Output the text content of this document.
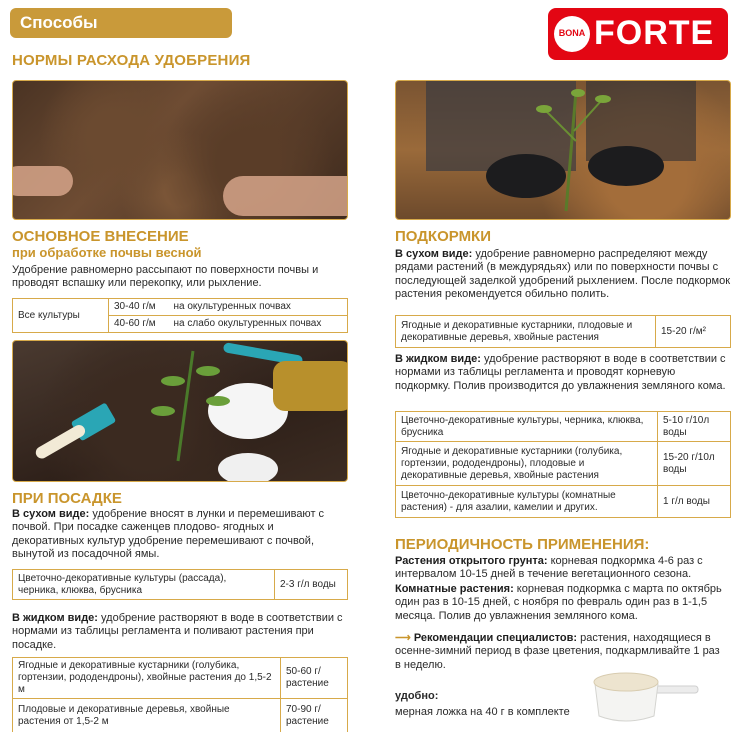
Способы использования
НОРМЫ РАСХОДА УДОБРЕНИЯ
BONA FORTE
ОСНОВНОЕ ВНЕСЕНИЕ
при обработке почвы весной
Удобрение равномерно рассыпают по поверхности почвы и проводят вспашку или перекопку, или рыхление.
Все культуры	30-40 г/м	на окультуренных почвах
	40-60 г/м	на слабо окультуренных почвах
ПРИ ПОСАДКЕ
В сухом виде: удобрение вносят в лунки и перемешивают с почвой. При посадке саженцев плодово- ягодных и декоративных культур удобрение перемешивают с почвой, вынутой из посадочной ямы.
Цветочно-декоративные культуры (рассада), черника, клюква, брусника	2-3 г/л воды
В жидком виде: удобрение растворяют в воде в соответствии с нормами из таблицы регламента и поливают растения при посадке.
Ягодные и декоративные кустарники (голубика, гортензии, рододендроны), хвойные растения до 1,5-2 м	50-60 г/растение
Плодовые и декоративные деревья, хвойные растения от 1,5-2 м	70-90 г/растение
ПОДКОРМКИ
В сухом виде: удобрение равномерно распределяют между рядами растений (в междурядьях) или по поверхности почвы с последующей заделкой удобрений рыхлением. После подкормок растения рекомендуется обильно полить.
Ягодные и декоративные кустарники, плодовые и декоративные деревья, хвойные растения	15-20 г/м²
В жидком виде: удобрение растворяют в воде в соответствии с нормами из таблицы регламента и проводят корневую подкормку. Полив производится до увлажнения земляного кома.
Цветочно-декоративные культуры, черника, клюква, брусника	5-10 г/10л воды
Ягодные и декоративные кустарники (голубика, гортензии, рододендроны), плодовые и декоративные деревья, хвойные растения	15-20 г/10л воды
Цветочно-декоративные культуры (комнатные растения) - для азалии, камелии и других.	1 г/л воды
ПЕРИОДИЧНОСТЬ ПРИМЕНЕНИЯ:
Растения открытого грунта: корневая подкормка 4-6 раз с интервалом 10-15 дней в течение вегетационного сезона.
Комнатные растения: корневая подкормка с марта по октябрь один раз в 10-15 дней, с ноября по февраль один раз в 1-1,5 месяца. Полив до увлажнения земляного кома.
⟶ Рекомендации специалистов: растения, находящиеся в осенне-зимний период в фазе цветения, подкармливайте 1 раз в неделю.
удобно:
мерная ложка на 40 г в комплекте
